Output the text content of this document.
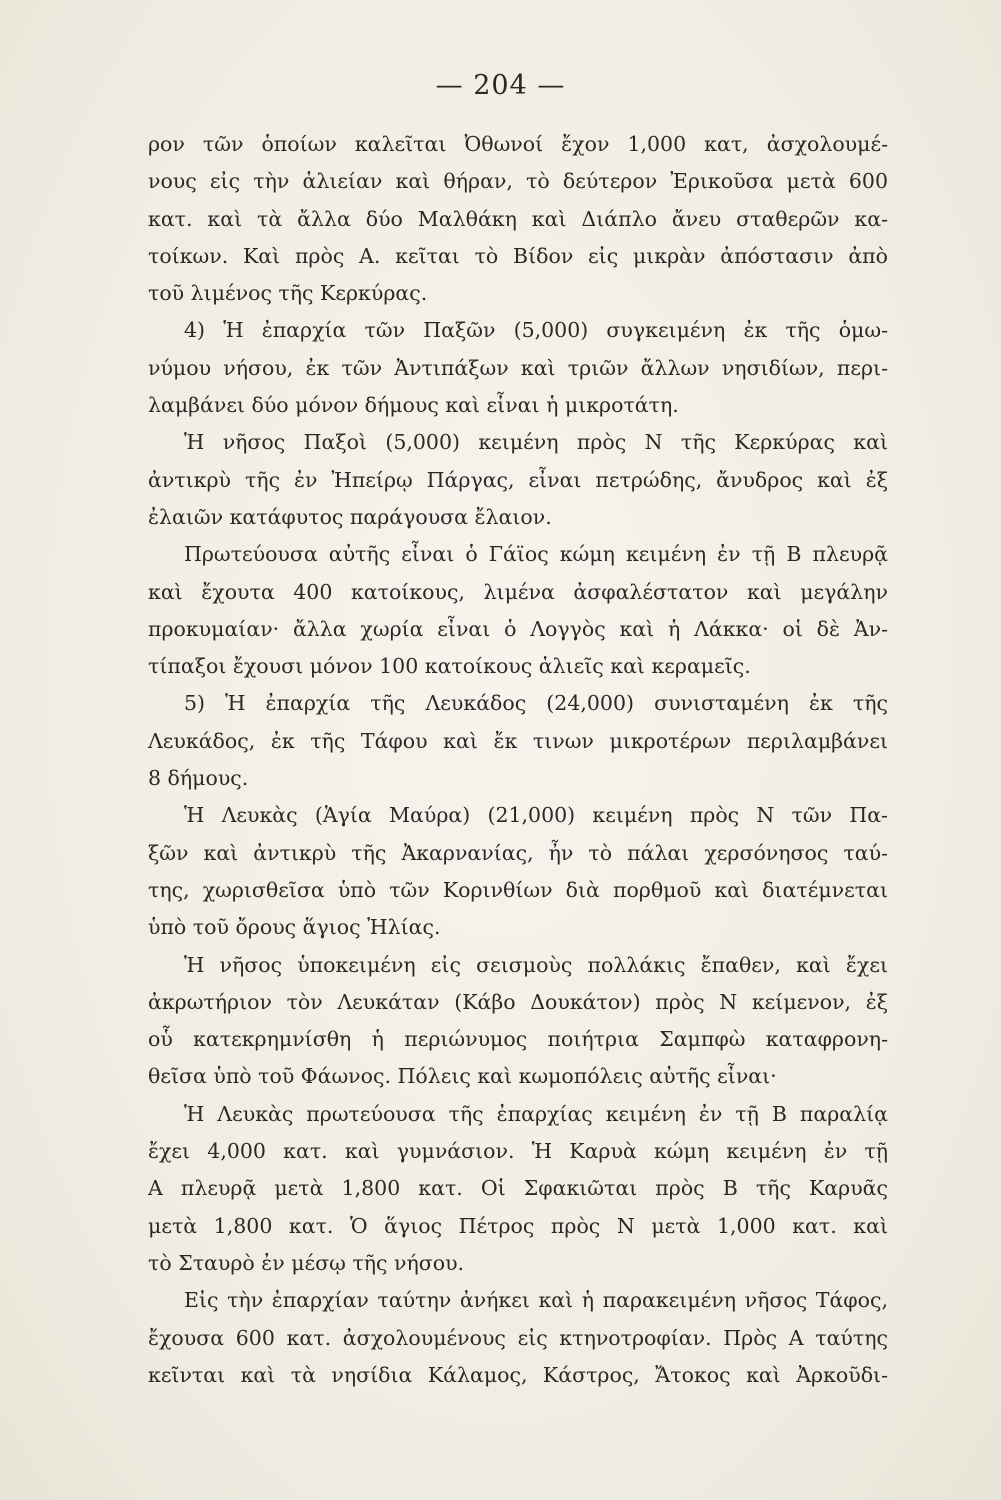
— 204 —
ρον τῶν ὁποίων καλεῖται Ὀθωνοί ἔχον 1,000 κατ, ἀσχολουμέ-
νους εἰς τὴν ἁλιείαν καὶ θήραν, τὸ δεύτερον Ἐρικοῦσα μετὰ 600
κατ. καὶ τὰ ἄλλα δύο Μαλθάκη καὶ Διάπλο ἄνευ σταθερῶν κα-
τοίκων. Καὶ πρὸς Α. κεῖται τὸ Βίδον εἰς μικρὰν ἀπόστασιν ἀπὸ
τοῦ λιμένος τῆς Κερκύρας.
4) Ἡ ἐπαρχία τῶν Παξῶν (5,000) συγκειμένη ἐκ τῆς ὁμω-
νύμου νήσου, ἐκ τῶν Ἀντιπάξων καὶ τριῶν ἄλλων νησιδίων, περι-
λαμβάνει δύο μόνον δήμους καὶ εἶναι ἡ μικροτάτη.
Ἡ νῆσος Παξοὶ (5,000) κειμένη πρὸς Ν τῆς Κερκύρας καὶ
ἀντικρὺ τῆς ἐν Ἠπείρῳ Πάργας, εἶναι πετρώδης, ἄνυδρος καὶ ἐξ
ἐλαιῶν κατάφυτος παράγουσα ἔλαιον.
Πρωτεύουσα αὐτῆς εἶναι ὁ Γάϊος κώμη κειμένη ἐν τῇ Β πλευρᾷ
καὶ ἔχουτα 400 κατοίκους, λιμένα ἀσφαλέστατον καὶ μεγάλην
προκυμαίαν· ἄλλα χωρία εἶναι ὁ Λογγὸς καὶ ἡ Λάκκα· οἱ δὲ Ἀν-
τίπαξοι ἔχουσι μόνον 100 κατοίκους ἁλιεῖς καὶ κεραμεῖς.
5) Ἡ ἐπαρχία τῆς Λευκάδος (24,000) συνισταμένη ἐκ τῆς
Λευκάδος, ἐκ τῆς Τάφου καὶ ἔκ τινων μικροτέρων περιλαμβάνει
8 δήμους.
Ἡ Λευκὰς (Ἁγία Μαύρα) (21,000) κειμένη πρὸς Ν τῶν Πα-
ξῶν καὶ ἀντικρὺ τῆς Ἀκαρνανίας, ἦν τὸ πάλαι χερσόνησος ταύ-
της, χωρισθεῖσα ὑπὸ τῶν Κορινθίων διὰ πορθμοῦ καὶ διατέμνεται
ὑπὸ τοῦ ὄρους ἅγιος Ἠλίας.
Ἡ νῆσος ὑποκειμένη εἰς σεισμοὺς πολλάκις ἔπαθεν, καὶ ἔχει
ἀκρωτήριον τὸν Λευκάταν (Κάβο Δουκάτον) πρὸς Ν κείμενον, ἐξ
οὗ κατεκρημνίσθη ἡ περιώνυμος ποιήτρια Σαμπφὼ καταφρονη-
θεῖσα ὑπὸ τοῦ Φάωνος. Πόλεις καὶ κωμοπόλεις αὐτῆς εἶναι·
Ἡ Λευκὰς πρωτεύουσα τῆς ἐπαρχίας κειμένη ἐν τῇ Β παραλίᾳ
ἔχει 4,000 κατ. καὶ γυμνάσιον. Ἡ Καρυὰ κώμη κειμένη ἐν τῇ
Α πλευρᾷ μετὰ 1,800 κατ. Οἱ Σφακιῶται πρὸς Β τῆς Καρυᾶς
μετὰ 1,800 κατ. Ὁ ἅγιος Πέτρος πρὸς Ν μετὰ 1,000 κατ. καὶ
τὸ Σταυρὸ ἐν μέσῳ τῆς νήσου.
Εἰς τὴν ἐπαρχίαν ταύτην ἀνήκει καὶ ἡ παρακειμένη νῆσος Τάφος,
ἔχουσα 600 κατ. ἀσχολουμένους εἰς κτηνοτροφίαν. Πρὸς Α ταύτης
κεῖνται καὶ τὰ νησίδια Κάλαμος, Κάστρος, Ἄτοκος καὶ Ἀρκοῦδι-
